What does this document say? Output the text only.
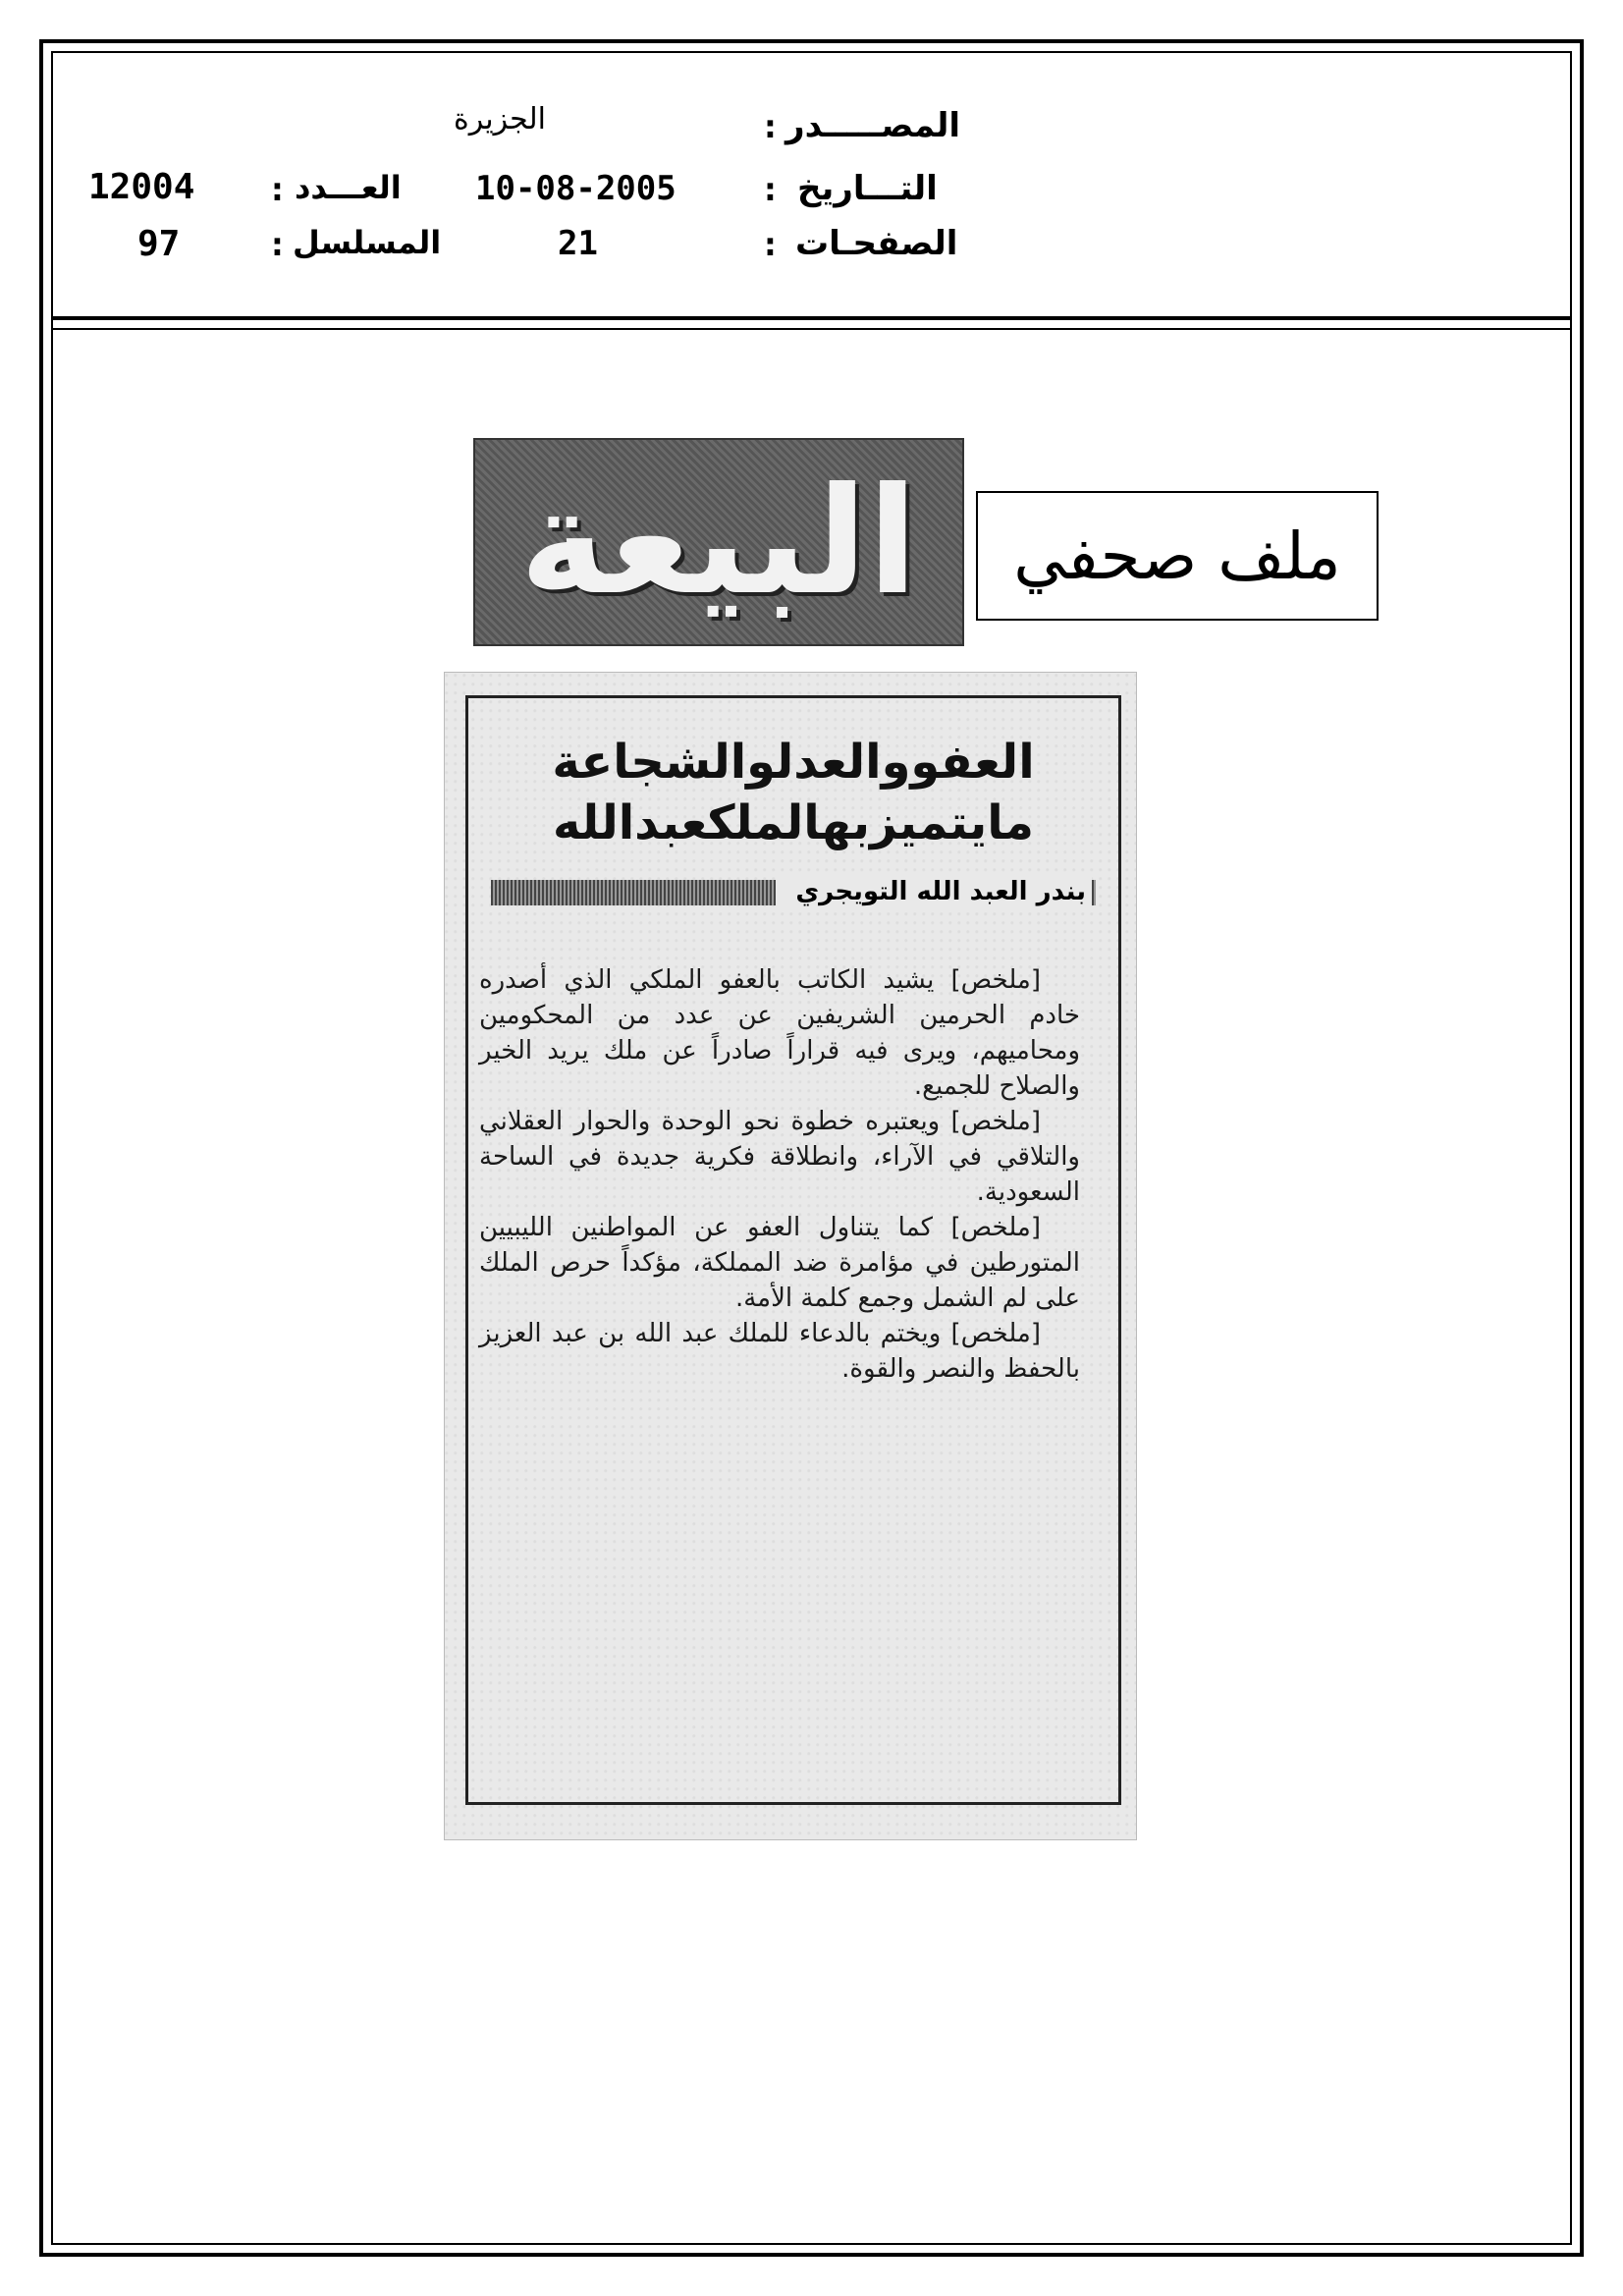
المصـــــدر
:
الجزيرة
التـــاريخ
:
10-08-2005
العـــدد
:
12004
الصفحـات
:
21
المسلسل
:
97
البيعة	ملف صحفي
العفووالعدلوالشجاعة
مايتميزبهالملكعبدالله
بندر العبد الله التويجري

[ملخص] يشيد الكاتب بالعفو الملكي الذي أصدره خادم الحرمين الشريفين عن عدد من المحكومين ومحاميهم، ويرى فيه قراراً صادراً عن ملك يريد الخير والصلاح للجميع.

[ملخص] ويعتبره خطوة نحو الوحدة والحوار العقلاني والتلاقي في الآراء، وانطلاقة فكرية جديدة في الساحة السعودية.

[ملخص] كما يتناول العفو عن المواطنين الليبيين المتورطين في مؤامرة ضد المملكة، مؤكداً حرص الملك على لم الشمل وجمع كلمة الأمة.

[ملخص] ويختم بالدعاء للملك عبد الله بن عبد العزيز بالحفظ والنصر والقوة.
